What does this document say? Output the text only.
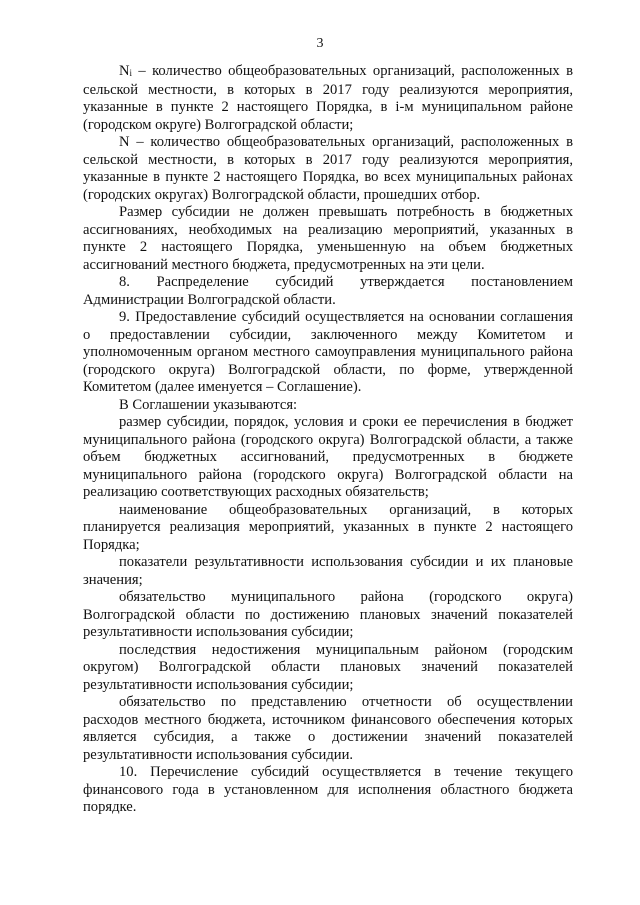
3

$N_i$ – количество общеобразовательных организаций, расположенных в сельской местности, в которых в 2017 году реализуются мероприятия, указанные в пункте 2 настоящего Порядка, в i-м муниципальном районе (городском округе) Волгоградской области;

N – количество общеобразовательных организаций, расположенных в сельской местности, в которых в 2017 году реализуются мероприятия, указанные в пункте 2 настоящего Порядка, во всех муниципальных районах (городских округах) Волгоградской области, прошедших отбор.

Размер субсидии не должен превышать потребность в бюджетных ассигнованиях, необходимых на реализацию мероприятий, указанных в пункте 2 настоящего Порядка, уменьшенную на объем бюджетных ассигнований местного бюджета, предусмотренных на эти цели.

8. Распределение субсидий утверждается постановлением Администрации Волгоградской области.

9. Предоставление субсидий осуществляется на основании соглашения о предоставлении субсидии, заключенного между Комитетом и уполномоченным органом местного самоуправления муниципального района (городского округа) Волгоградской области, по форме, утвержденной Комитетом (далее именуется – Соглашение).

В Соглашении указываются:

размер субсидии, порядок, условия и сроки ее перечисления в бюджет муниципального района (городского округа) Волгоградской области, а также объем бюджетных ассигнований, предусмотренных в бюджете муниципального района (городского округа) Волгоградской области на реализацию соответствующих расходных обязательств;

наименование общеобразовательных организаций, в которых планируется реализация мероприятий, указанных в пункте 2 настоящего Порядка;

показатели результативности использования субсидии и их плановые значения;

обязательство муниципального района (городского округа) Волгоградской области по достижению плановых значений показателей результативности использования субсидии;

последствия недостижения муниципальным районом (городским округом) Волгоградской области плановых значений показателей результативности использования субсидии;

обязательство по представлению отчетности об осуществлении расходов местного бюджета, источником финансового обеспечения которых является субсидия, а также о достижении значений показателей результативности использования субсидии.

10. Перечисление субсидий осуществляется в течение текущего финансового года в установленном для исполнения областного бюджета порядке.
